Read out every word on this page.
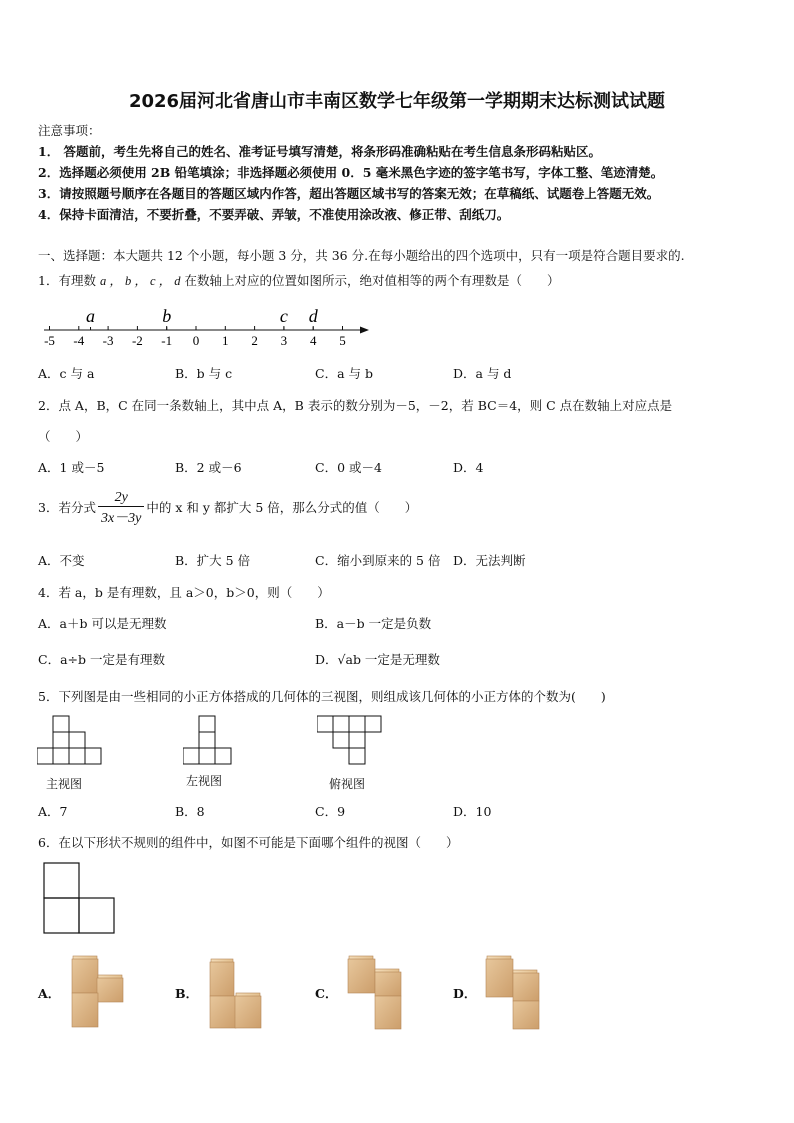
2026届河北省唐山市丰南区数学七年级第一学期期末达标测试试题
注意事项：
1． 答题前，考生先将自己的姓名、准考证号填写清楚，将条形码准确粘贴在考生信息条形码粘贴区。
2．选择题必须使用 2B 铅笔填涂；非选择题必须使用 0．5 毫米黑色字迹的签字笔书写，字体工整、笔迹清楚。
3．请按照题号顺序在各题目的答题区域内作答，超出答题区域书写的答案无效；在草稿纸、试题卷上答题无效。
4．保持卡面清洁，不要折叠，不要弄破、弄皱，不准使用涂改液、修正带、刮纸刀。
一、选择题：本大题共 12 个小题，每小题 3 分，共 36 分.在每小题给出的四个选项中，只有一项是符合题目要求的.
1．有理数 a ， b ， c ， d 在数轴上对应的位置如图所示，绝对值相等的两个有理数是（　　）
-5 -4 -3 -2 -1 0 1 2 3 4 5
a	b	c d
A．c 与 a	B．b 与 c	C．a 与 b	D．a 与 d
2．点 A，B，C 在同一条数轴上，其中点 A，B 表示的数分别为－5，－2，若 BC＝4，则 C 点在数轴上对应点是
（　　）
A．1 或－5	B．2 或－6	C．0 或－4	D．4
3．若分式 $\frac{2y}{3x-3y}$ 中的 x 和 y 都扩大 5 倍，那么分式的值（　　）
A．不变	B．扩大 5 倍	C．缩小到原来的 5 倍 D．无法判断
4．若 a，b 是有理数，且 a＞0，b＞0，则（　　）
A．a＋b 可以是无理数	B．a－b 一定是负数
C．a÷b 一定是有理数	D．√ab 一定是无理数
5．下列图是由一些相同的小正方体搭成的几何体的三视图，则组成该几何体的小正方体的个数为(　　)
主视图	左视图	俯视图
A．7	B．8	C．9	D．10
6．在以下形状不规则的组件中，如图不可能是下面哪个组件的视图（　　）
A．	B．	C．	D．
